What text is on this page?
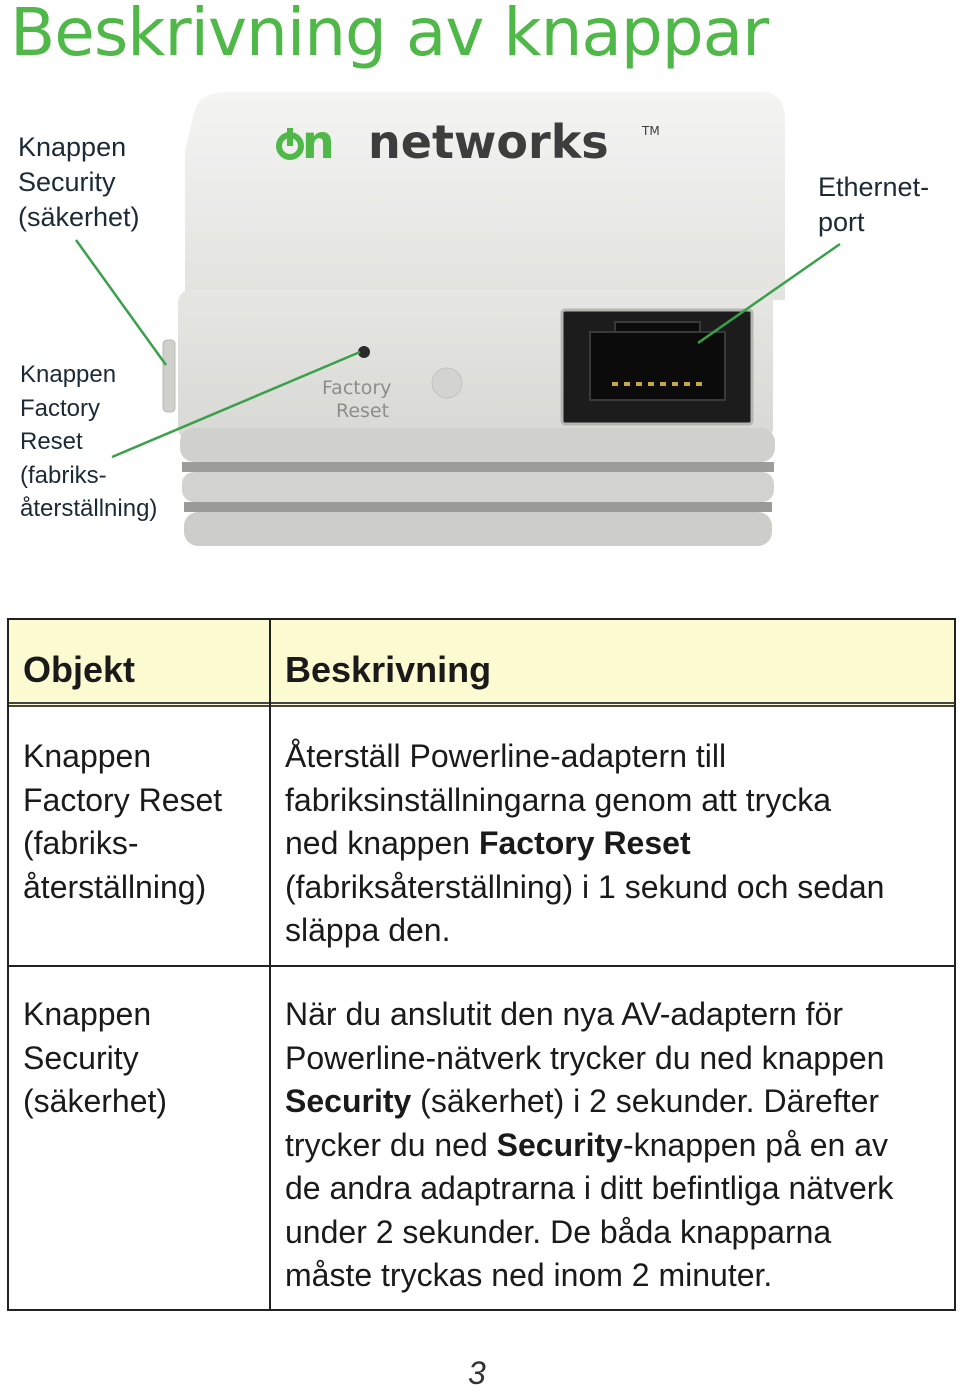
Beskrivning av knappar
Knappen
Security
(säkerhet)
Ethernet-
port
Knappen
Factory
Reset
(fabriks-
återställning)
n networks	TM
Factory
Reset
Objekt	Beskrivning
Knappen
Factory Reset
(fabriks-
återställning)
Återställ Powerline-adaptern till
fabriksinställningarna genom att trycka
ned knappen Factory Reset
(fabriksåterställning) i 1 sekund och sedan
släppa den.
Knappen
Security
(säkerhet)
När du anslutit den nya AV-adaptern för
Powerline-nätverk trycker du ned knappen
Security (säkerhet) i 2 sekunder. Därefter
trycker du ned Security-knappen på en av
de andra adaptrarna i ditt befintliga nätverk
under 2 sekunder. De båda knapparna
måste tryckas ned inom 2 minuter.
3
